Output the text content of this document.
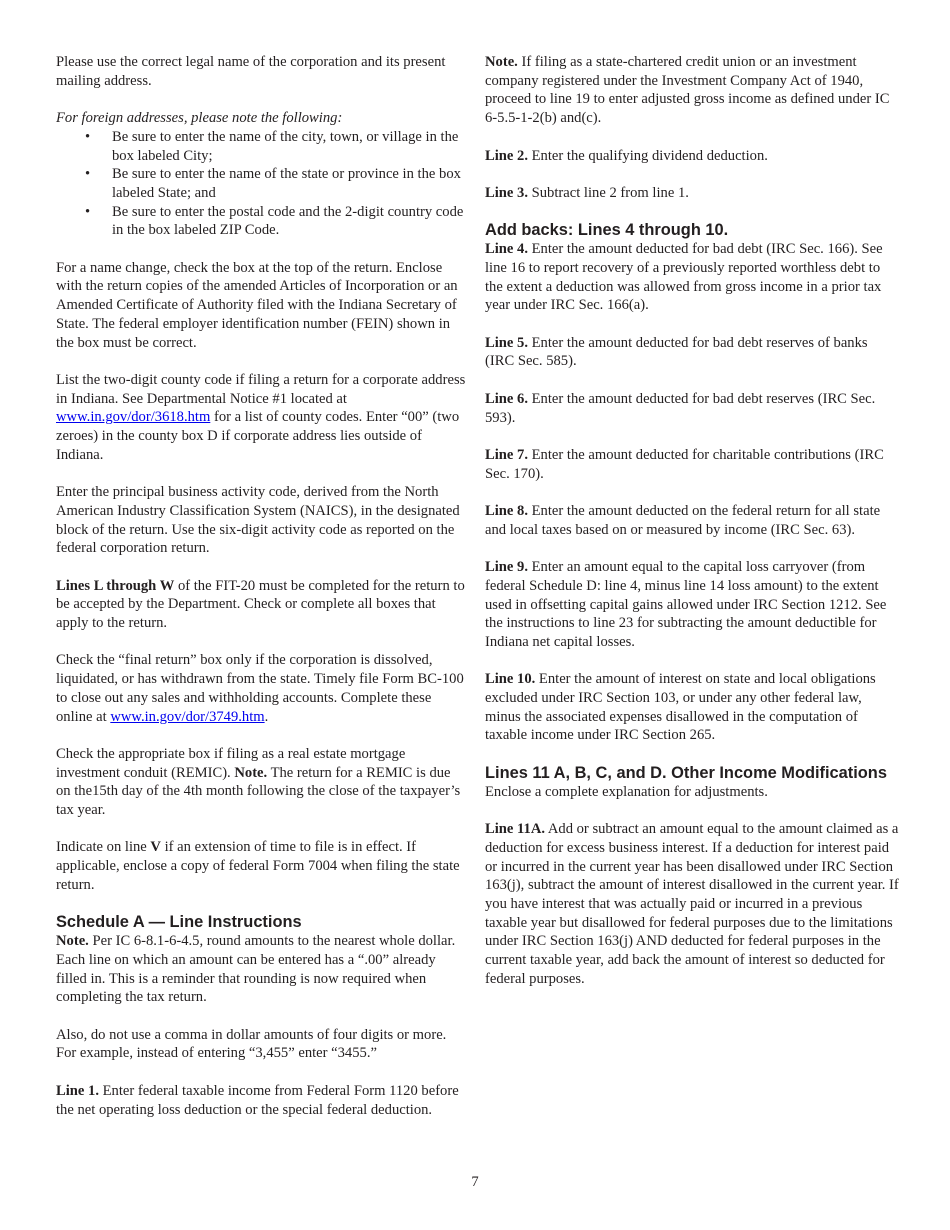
Please use the correct legal name of the corporation and its present mailing address.

For foreign addresses, please note the following:

• Be sure to enter the name of the city, town, or village in the box labeled City;
• Be sure to enter the name of the state or province in the box labeled State; and
• Be sure to enter the postal code and the 2-digit country code in the box labeled ZIP Code.

For a name change, check the box at the top of the return. Enclose with the return copies of the amended Articles of Incorporation or an Amended Certificate of Authority filed with the Indiana Secretary of State. The federal employer identification number (FEIN) shown in the box must be correct.

List the two-digit county code if filing a return for a corporate address in Indiana. See Departmental Notice #1 located at www.in.gov/dor/3618.htm for a list of county codes. Enter “00” (two zeroes) in the county box D if corporate address lies outside of Indiana.

Enter the principal business activity code, derived from the North American Industry Classification System (NAICS), in the designated block of the return. Use the six-digit activity code as reported on the federal corporation return.

Lines L through W of the FIT-20 must be completed for the return to be accepted by the Department. Check or complete all boxes that apply to the return.

Check the “final return” box only if the corporation is dissolved, liquidated, or has withdrawn from the state. Timely file Form BC-100 to close out any sales and withholding accounts. Complete these online at www.in.gov/dor/3749.htm.

Check the appropriate box if filing as a real estate mortgage investment conduit (REMIC). Note. The return for a REMIC is due on the15th day of the 4th month following the close of the taxpayer’s tax year.

Indicate on line V if an extension of time to file is in effect. If applicable, enclose a copy of federal Form 7004 when filing the state return.

Schedule A — Line Instructions

Note. Per IC 6-8.1-6-4.5, round amounts to the nearest whole dollar. Each line on which an amount can be entered has a “.00” already filled in. This is a reminder that rounding is now required when completing the tax return.

Also, do not use a comma in dollar amounts of four digits or more. For example, instead of entering “3,455” enter “3455.”

Line 1. Enter federal taxable income from Federal Form 1120 before the net operating loss deduction or the special federal deduction.

Note. If filing as a state-chartered credit union or an investment company registered under the Investment Company Act of 1940, proceed to line 19 to enter adjusted gross income as defined under IC 6-5.5-1-2(b) and(c).

Line 2. Enter the qualifying dividend deduction.

Line 3. Subtract line 2 from line 1.

Add backs: Lines 4 through 10.

Line 4. Enter the amount deducted for bad debt (IRC Sec. 166). See line 16 to report recovery of a previously reported worthless debt to the extent a deduction was allowed from gross income in a prior tax year under IRC Sec. 166(a).

Line 5. Enter the amount deducted for bad debt reserves of banks (IRC Sec. 585).

Line 6. Enter the amount deducted for bad debt reserves (IRC Sec. 593).

Line 7. Enter the amount deducted for charitable contributions (IRC Sec. 170).

Line 8. Enter the amount deducted on the federal return for all state and local taxes based on or measured by income (IRC Sec. 63).

Line 9. Enter an amount equal to the capital loss carryover (from federal Schedule D: line 4, minus line 14 loss amount) to the extent used in offsetting capital gains allowed under IRC Section 1212. See the instructions to line 23 for subtracting the amount deductible for Indiana net capital losses.

Line 10. Enter the amount of interest on state and local obligations excluded under IRC Section 103, or under any other federal law, minus the associated expenses disallowed in the computation of taxable income under IRC Section 265.

Lines 11 A, B, C, and D. Other Income Modifications

Enclose a complete explanation for adjustments.

Line 11A. Add or subtract an amount equal to the amount claimed as a deduction for excess business interest. If a deduction for interest paid or incurred in the current year has been disallowed under IRC Section 163(j), subtract the amount of interest disallowed in the current year. If you have interest that was actually paid or incurred in a previous taxable year but disallowed for federal purposes due to the limitations under IRC Section 163(j) AND deducted for federal purposes in the current taxable year, add back the amount of interest so deducted for federal purposes.

7
